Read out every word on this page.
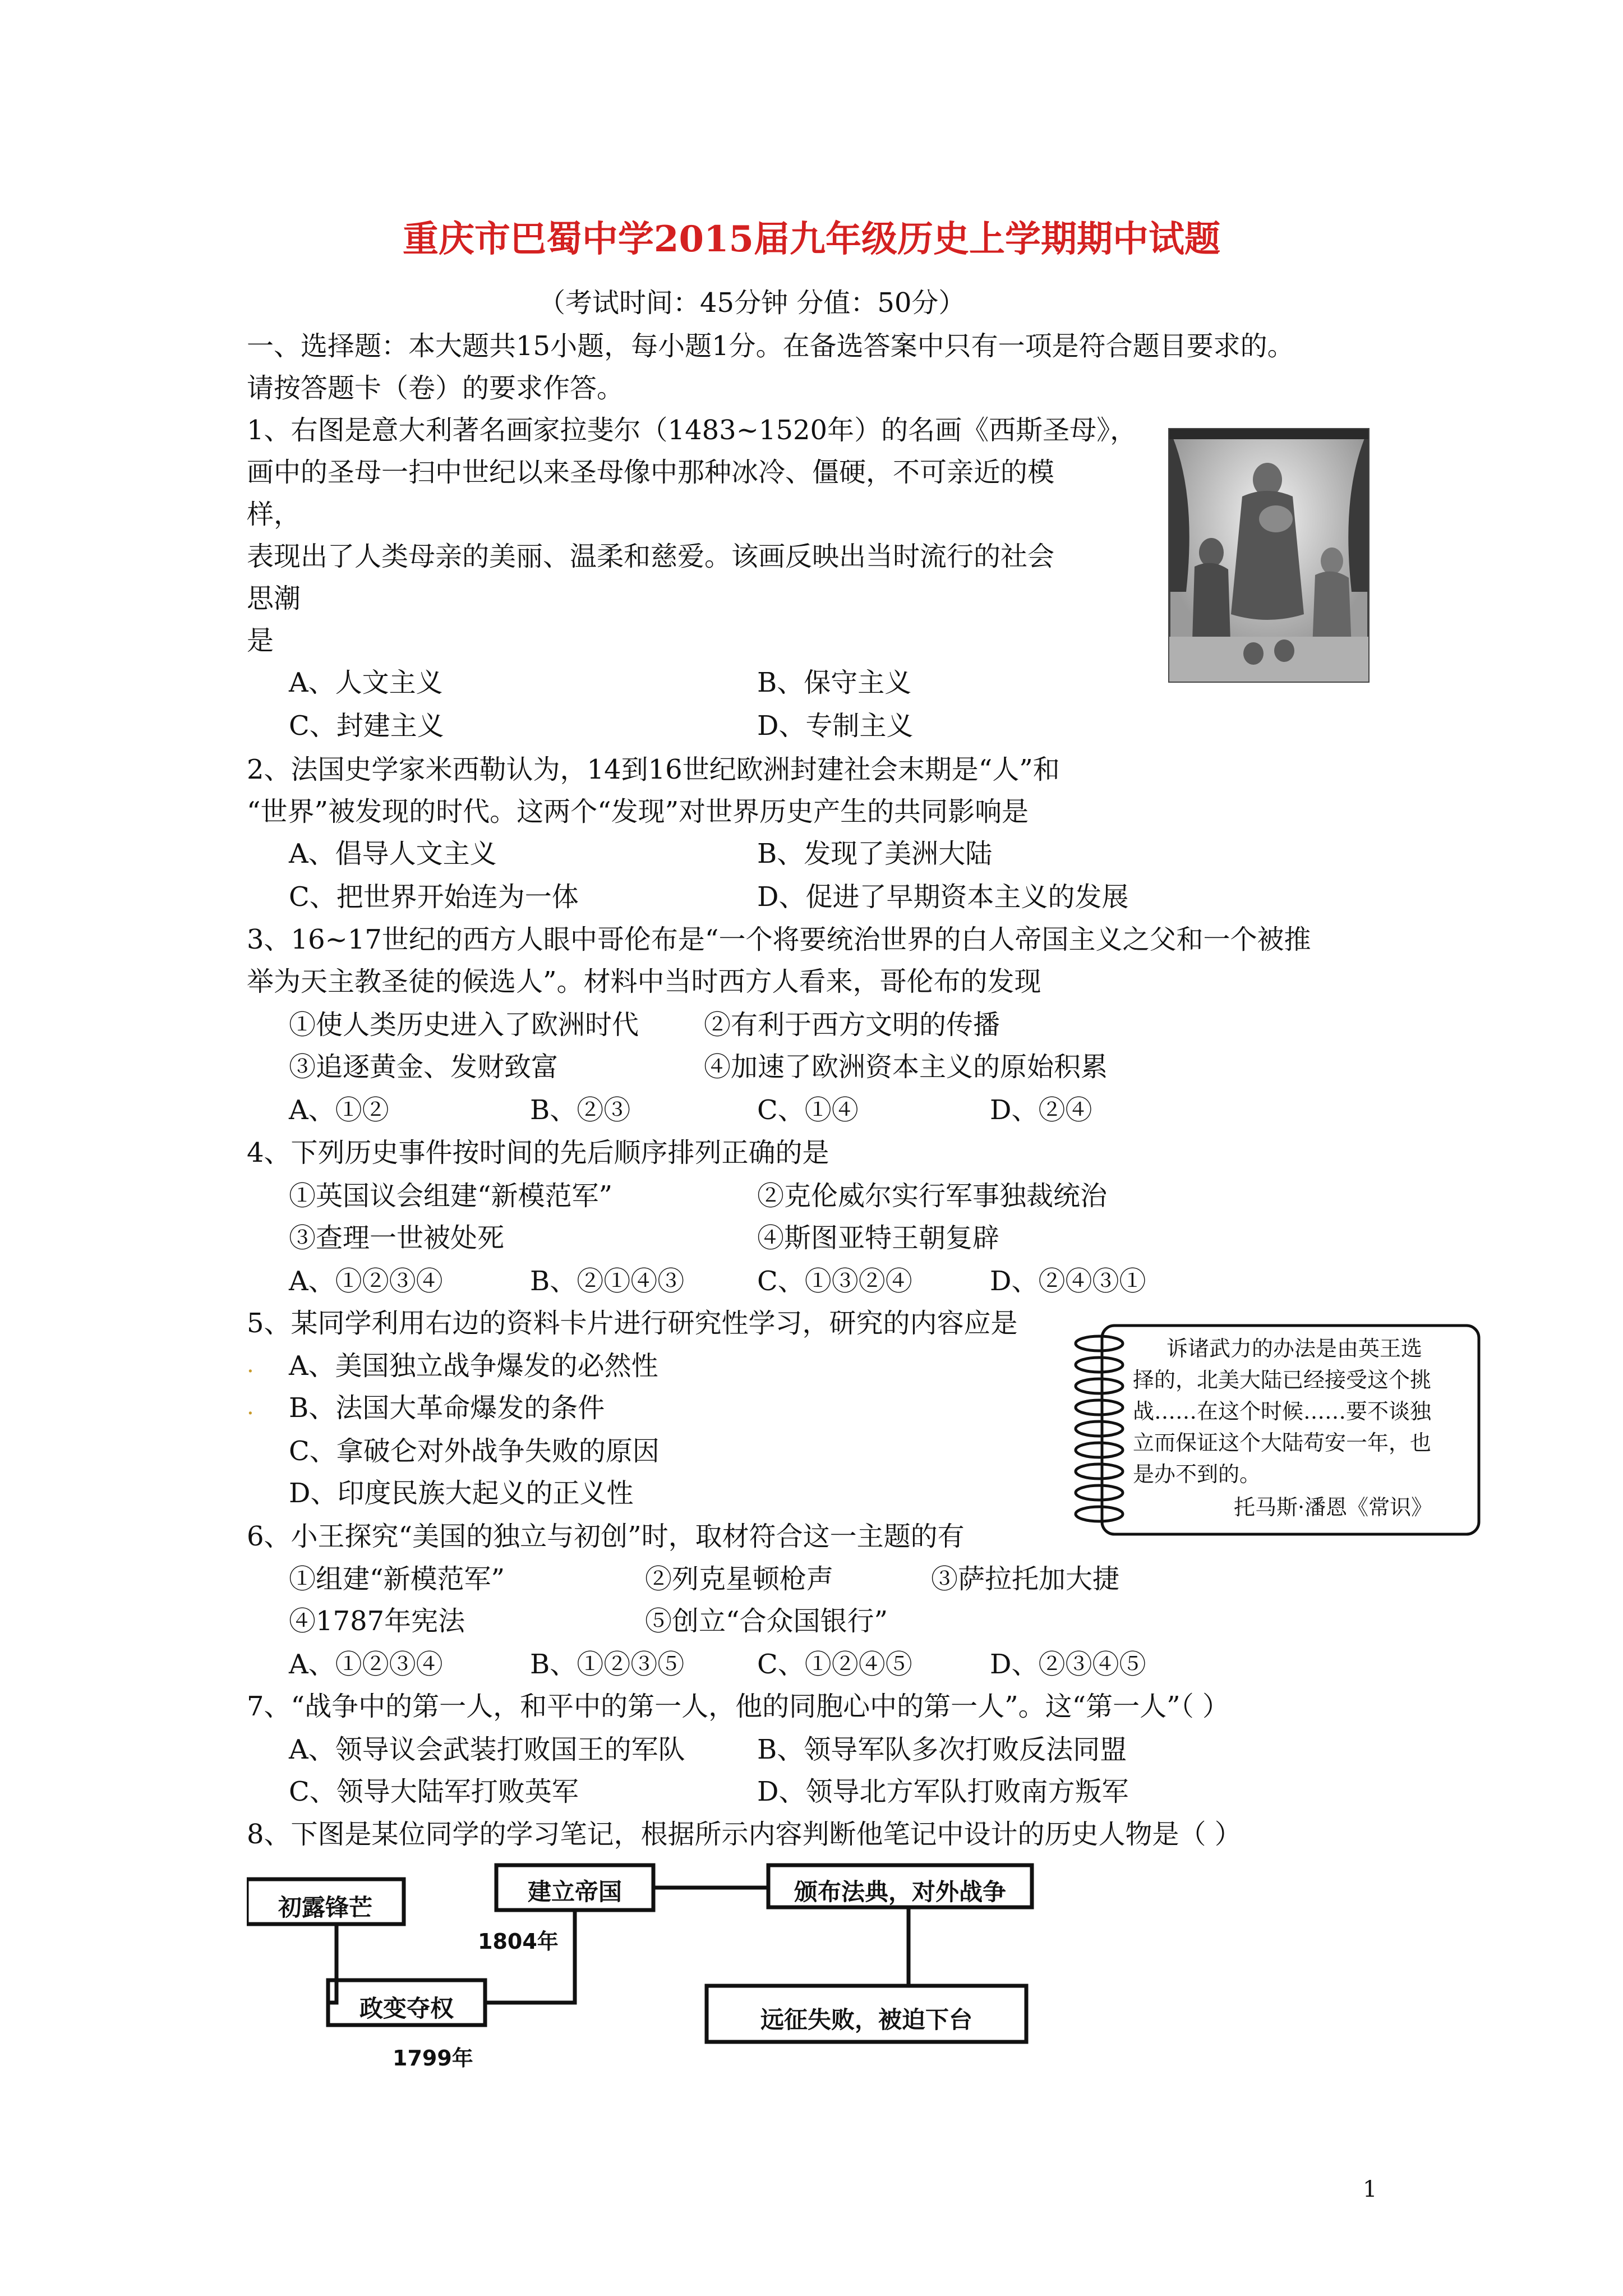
重庆市巴蜀中学2015届九年级历史上学期期中试题
（考试时间：45分钟 分值：50分）
一、选择题：本大题共15小题，每小题1分。在备选答案中只有一项是符合题目要求的。
请按答题卡（卷）的要求作答。
1、右图是意大利著名画家拉斐尔（1483~1520年）的名画《西斯圣母》，
画中的圣母一扫中世纪以来圣母像中那种冰冷、僵硬，不可亲近的模
样，
表现出了人类母亲的美丽、温柔和慈爱。该画反映出当时流行的社会
思潮
是
A、人文主义	B、保守主义
C、封建主义	D、专制主义
2、法国史学家米西勒认为，14到16世纪欧洲封建社会末期是“人”和
“世界”被发现的时代。这两个“发现”对世界历史产生的共同影响是
A、倡导人文主义	B、发现了美洲大陆
C、把世界开始连为一体	D、促进了早期资本主义的发展
3、16~17世纪的西方人眼中哥伦布是“一个将要统治世界的白人帝国主义之父和一个被推
举为天主教圣徒的候选人”。材料中当时西方人看来，哥伦布的发现
①使人类历史进入了欧洲时代 ②有利于西方文明的传播
③追逐黄金、发财致富	④加速了欧洲资本主义的原始积累
A、①②	B、②③	C、①④	D、②④
4、下列历史事件按时间的先后顺序排列正确的是
①英国议会组建“新模范军”	②克伦威尔实行军事独裁统治
③查理一世被处死	④斯图亚特王朝复辟
A、①②③④	B、②①④③	C、①③②④	D、②④③①
5、某同学利用右边的资料卡片进行研究性学习，研究的内容应是
. A、美国独立战争爆发的必然性
. B、法国大革命爆发的条件
C、拿破仑对外战争失败的原因
D、印度民族大起义的正义性
诉诸武力的办法是由英王选
择的，北美大陆已经接受这个挑
战……在这个时候……要不谈独
立而保证这个大陆苟安一年，也
是办不到的。
托马斯·潘恩《常识》
6、小王探究“美国的独立与初创”时，取材符合这一主题的有
①组建“新模范军”	②列克星顿枪声	③萨拉托加大捷
④1787年宪法	⑤创立“合众国银行”
A、①②③④	B、①②③⑤	C、①②④⑤	D、②③④⑤
7、“战争中的第一人，和平中的第一人，他的同胞心中的第一人”。这“第一人”（ ）
A、领导议会武装打败国王的军队	B、领导军队多次打败反法同盟
C、领导大陆军打败英军	D、领导北方军队打败南方叛军
8、下图是某位同学的学习笔记，根据所示内容判断他笔记中设计的历史人物是（ ）
初露锋芒
政变夺权
建立帝国	颁布法典，对外战争
远征失败，被迫下台
1799年
1804年
1
